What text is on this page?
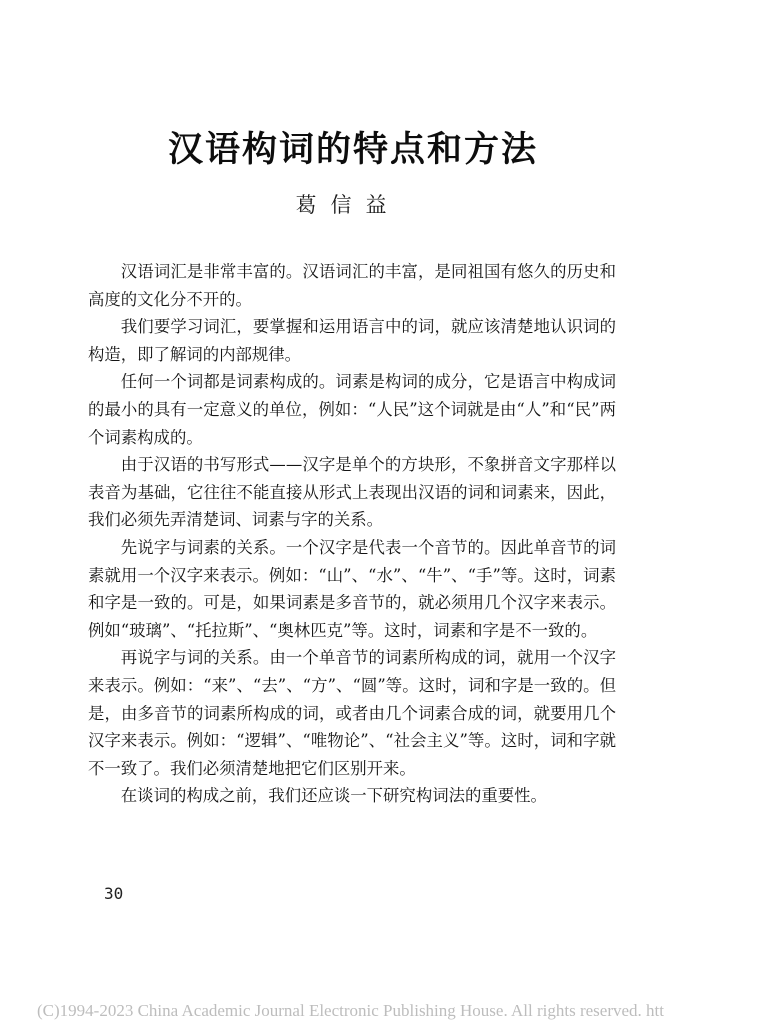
汉语构词的特点和方法
葛信益

汉语词汇是非常丰富的。汉语词汇的丰富，是同祖国有悠久的历史和高度的文化分不开的。

我们要学习词汇，要掌握和运用语言中的词，就应该清楚地认识词的构造，即了解词的内部规律。

任何一个词都是词素构成的。词素是构词的成分，它是语言中构成词的最小的具有一定意义的单位，例如：“人民”这个词就是由“人”和“民”两个词素构成的。

由于汉语的书写形式——汉字是单个的方块形，不象拼音文字那样以表音为基础，它往往不能直接从形式上表现出汉语的词和词素来，因此，我们必须先弄清楚词、词素与字的关系。

先说字与词素的关系。一个汉字是代表一个音节的。因此单音节的词素就用一个汉字来表示。例如：“山”、“水”、“牛”、“手”等。这时，词素和字是一致的。可是，如果词素是多音节的，就必须用几个汉字来表示。例如“玻璃”、“托拉斯”、“奥林匹克”等。这时，词素和字是不一致的。

再说字与词的关系。由一个单音节的词素所构成的词，就用一个汉字来表示。例如：“来”、“去”、“方”、“圆”等。这时，词和字是一致的。但是，由多音节的词素所构成的词，或者由几个词素合成的词，就要用几个汉字来表示。例如：“逻辑”、“唯物论”、“社会主义”等。这时，词和字就不一致了。我们必须清楚地把它们区别开来。

在谈词的构成之前，我们还应谈一下研究构词法的重要性。

30
(C)1994-2023 China Academic Journal Electronic Publishing House. All rights reserved. htt
